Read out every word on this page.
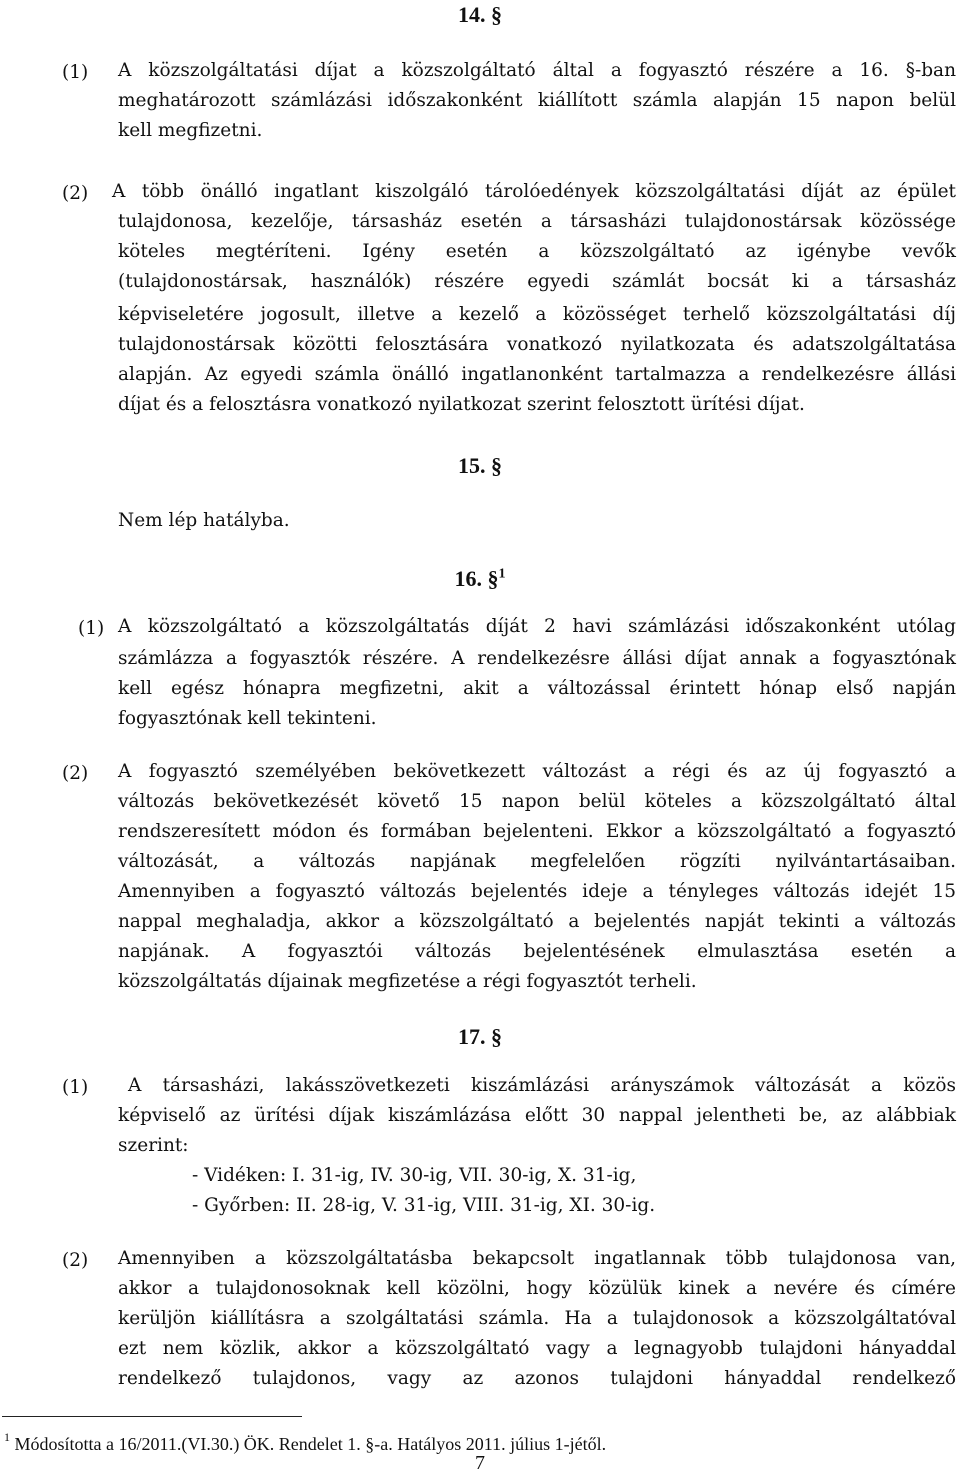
14. §
(1) A közszolgáltatási díjat a közszolgáltató által a fogyasztó részére a 16. §-ban
meghatározott számlázási időszakonként kiállított számla alapján 15 napon belül
kell megfizetni.
(2) A több önálló ingatlant kiszolgáló tárolóedények közszolgáltatási díját az épület
tulajdonosa, kezelője, társasház esetén a társasházi tulajdonostársak közössége
köteles megtéríteni. Igény esetén a közszolgáltató az igénybe vevők
(tulajdonostársak, használók) részére egyedi számlát bocsát ki a társasház
képviseletére jogosult, illetve a kezelő a közösséget terhelő közszolgáltatási díj
tulajdonostársak közötti felosztására vonatkozó nyilatkozata és adatszolgáltatása
alapján. Az egyedi számla önálló ingatlanonként tartalmazza a rendelkezésre állási
díjat és a felosztásra vonatkozó nyilatkozat szerint felosztott ürítési díjat.
15. §
Nem lép hatályba.
16. §$^1$
(1) A közszolgáltató a közszolgáltatás díját 2 havi számlázási időszakonként utólag
számlázza a fogyasztók részére. A rendelkezésre állási díjat annak a fogyasztónak
kell egész hónapra megfizetni, akit a változással érintett hónap első napján
fogyasztónak kell tekinteni.
(2) A fogyasztó személyében bekövetkezett változást a régi és az új fogyasztó a
változás bekövetkezését követő 15 napon belül köteles a közszolgáltató által
rendszeresített módon és formában bejelenteni. Ekkor a közszolgáltató a fogyasztó
változását, a változás napjának megfelelően rögzíti nyilvántartásaiban.
Amennyiben a fogyasztó változás bejelentés ideje a tényleges változás idejét 15
nappal meghaladja, akkor a közszolgáltató a bejelentés napját tekinti a változás
napjának. A fogyasztói változás bejelentésének elmulasztása esetén a
közszolgáltatás díjainak megfizetése a régi fogyasztót terheli.
17. §
(1) A társasházi, lakásszövetkezeti kiszámlázási arányszámok változását a közös
képviselő az ürítési díjak kiszámlázása előtt 30 nappal jelentheti be, az alábbiak
szerint:
- Vidéken: I. 31-ig, IV. 30-ig, VII. 30-ig, X. 31-ig,
- Győrben: II. 28-ig, V. 31-ig, VIII. 31-ig, XI. 30-ig.
(2) Amennyiben a közszolgáltatásba bekapcsolt ingatlannak több tulajdonosa van,
akkor a tulajdonosoknak kell közölni, hogy közülük kinek a nevére és címére
kerüljön kiállításra a szolgáltatási számla. Ha a tulajdonosok a közszolgáltatóval
ezt nem közlik, akkor a közszolgáltató vagy a legnagyobb tulajdoni hányaddal
rendelkező tulajdonos, vagy az azonos tulajdoni hányaddal rendelkező
$^1$ Módosította a 16/2011.(VI.30.) ÖK. Rendelet 1. §-a. Hatályos 2011. július 1-jétől.
7
